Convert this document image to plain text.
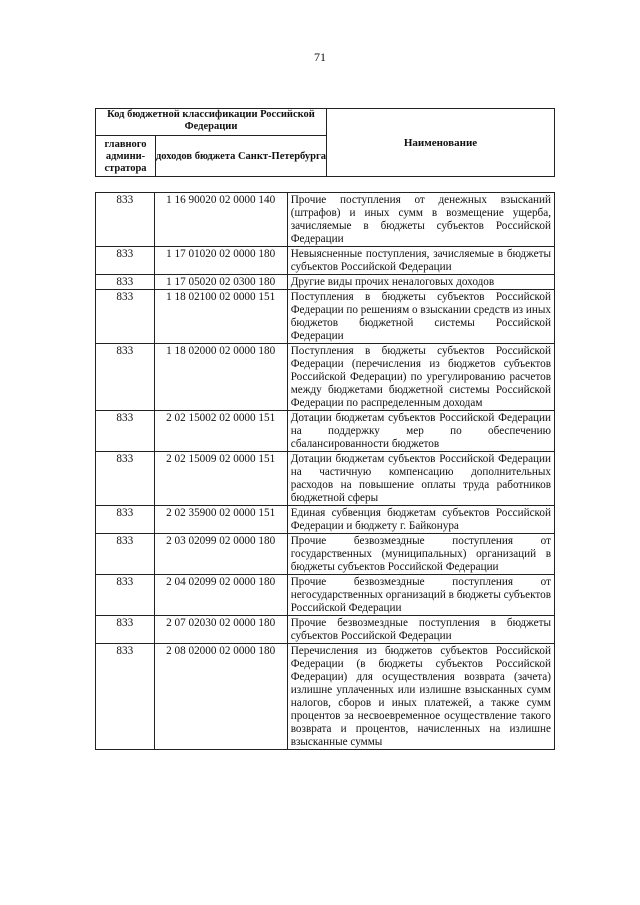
71
Код бюджетной классификации Российской Федерации		Наименование
главного админи-стратора	доходов бюджета Санкт-Петербурга	
833	1 16 90020 02 0000 140	Прочие поступления от денежных взысканий (штрафов) и иных сумм в возмещение ущерба, зачисляемые в бюджеты субъектов Российской Федерации
833	1 17 01020 02 0000 180	Невыясненные поступления, зачисляемые в бюджеты субъектов Российской Федерации
833	1 17 05020 02 0300 180	Другие виды прочих неналоговых доходов
833	1 18 02100 02 0000 151	Поступления в бюджеты субъектов Российской Федерации по решениям о взыскании средств из иных бюджетов бюджетной системы Российской Федерации
833	1 18 02000 02 0000 180	Поступления в бюджеты субъектов Российской Федерации (перечисления из бюджетов субъектов Российской Федерации) по урегулированию расчетов между бюджетами бюджетной системы Российской Федерации по распределенным доходам
833	2 02 15002 02 0000 151	Дотации бюджетам субъектов Российской Федерации на поддержку мер по обеспечению сбалансированности бюджетов
833	2 02 15009 02 0000 151	Дотации бюджетам субъектов Российской Федерации на частичную компенсацию дополнительных расходов на повышение оплаты труда работников бюджетной сферы
833	2 02 35900 02 0000 151	Единая субвенция бюджетам субъектов Российской Федерации и бюджету г. Байконура
833	2 03 02099 02 0000 180	Прочие безвозмездные поступления от государственных (муниципальных) организаций в бюджеты субъектов Российской Федерации
833	2 04 02099 02 0000 180	Прочие безвозмездные поступления от негосударственных организаций в бюджеты субъектов Российской Федерации
833	2 07 02030 02 0000 180	Прочие безвозмездные поступления в бюджеты субъектов Российской Федерации
833	2 08 02000 02 0000 180	Перечисления из бюджетов субъектов Российской Федерации (в бюджеты субъектов Российской Федерации) для осуществления возврата (зачета) излишне уплаченных или излишне взысканных сумм налогов, сборов и иных платежей, а также сумм процентов за несвоевременное осуществление такого возврата и процентов, начисленных на излишне взысканные суммы
